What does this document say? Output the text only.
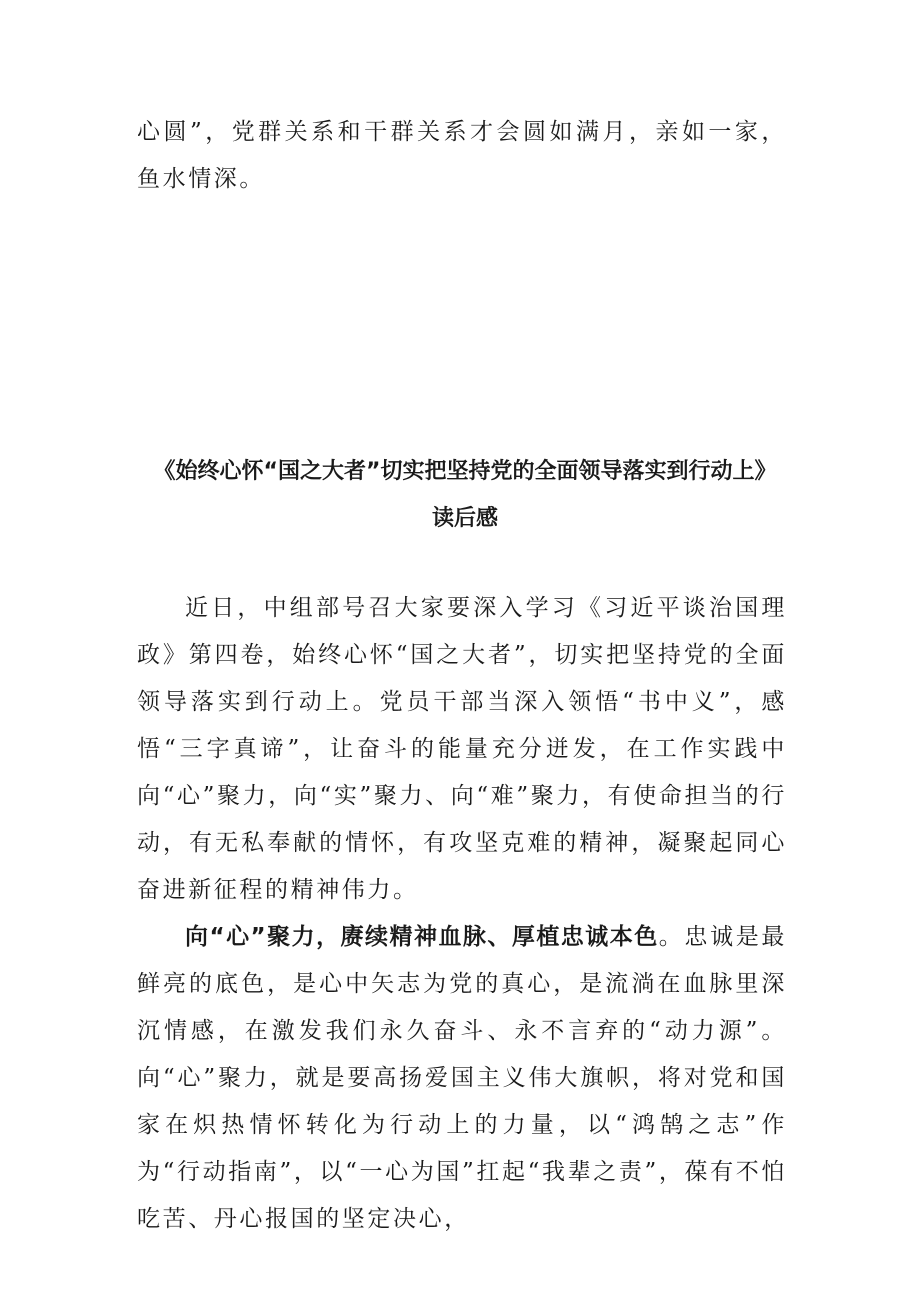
心圆”，党群关系和干群关系才会圆如满月，亲如一家，鱼水情深。

《始终心怀“国之大者”切实把坚持党的全面领导落实到行动上》
读后感

近日，中组部号召大家要深入学习《习近平谈治国理政》第四卷，始终心怀“国之大者”，切实把坚持党的全面领导落实到行动上。党员干部当深入领悟“书中义”，感悟“三字真谛”，让奋斗的能量充分迸发，在工作实践中向“心”聚力，向“实”聚力、向“难”聚力，有使命担当的行动，有无私奉献的情怀，有攻坚克难的精神，凝聚起同心奋进新征程的精神伟力。

向“心”聚力，赓续精神血脉、厚植忠诚本色。忠诚是最鲜亮的底色，是心中矢志为党的真心，是流淌在血脉里深沉情感，在激发我们永久奋斗、永不言弃的“动力源”。向“心”聚力，就是要高扬爱国主义伟大旗帜，将对党和国家在炽热情怀转化为行动上的力量，以“鸿鹄之志”作为“行动指南”，以“一心为国”扛起“我辈之责”，葆有不怕吃苦、丹心报国的坚定决心，
